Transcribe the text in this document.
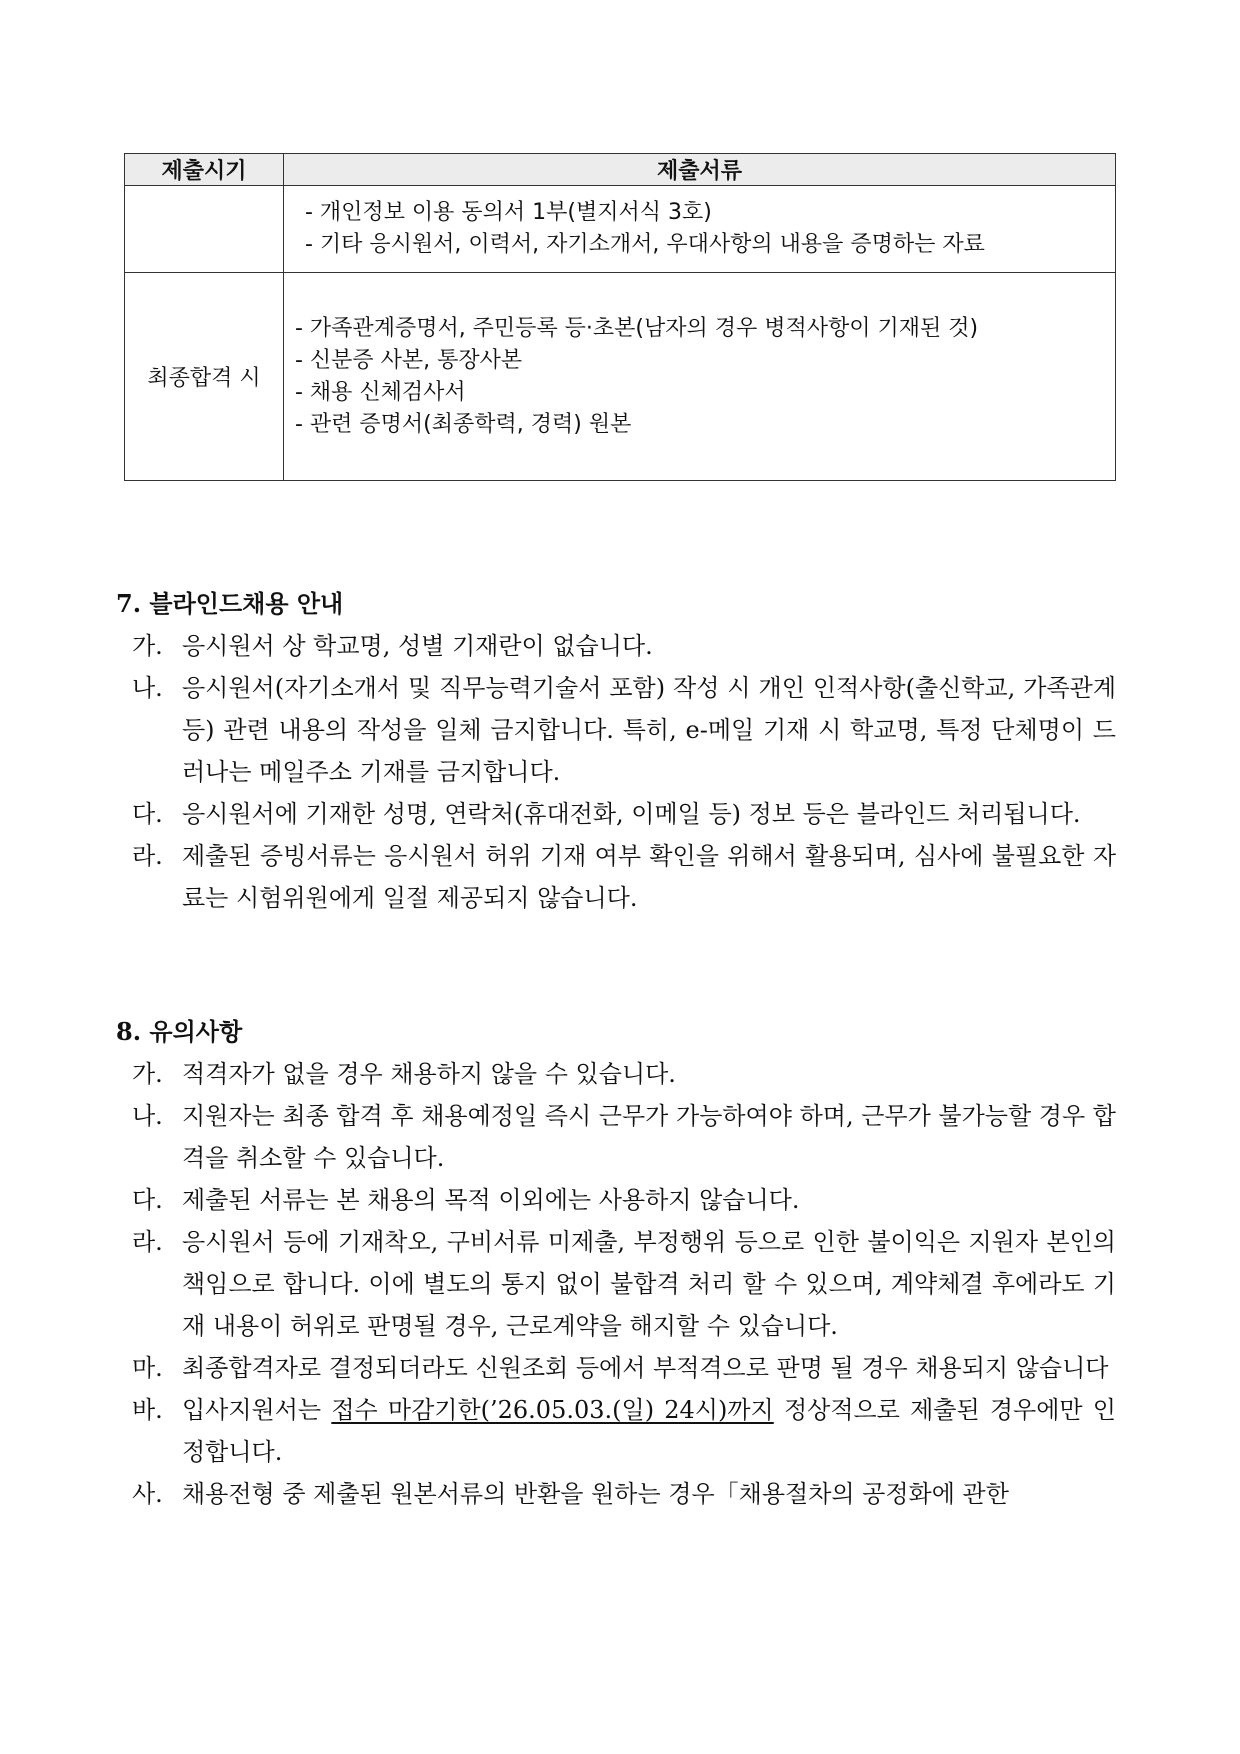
제출시기	제출서류

	- 개인정보 이용 동의서 1부(별지서식 3호)
- 기타 응시원서, 이력서, 자기소개서, 우대사항의 내용을 증명하는 자료

최종합격 시	- 가족관계증명서, 주민등록 등·초본(남자의 경우 병적사항이 기재된 것)
- 신분증 사본, 통장사본
- 채용 신체검사서
- 관련 증명서(최종학력, 경력) 원본
7. 블라인드채용 안내
가. 응시원서 상 학교명, 성별 기재란이 없습니다.
나. 응시원서(자기소개서 및 직무능력기술서 포함) 작성 시 개인 인적사항(출신학교, 가족관계 등) 관련 내용의 작성을 일체 금지합니다. 특히, e-메일 기재 시 학교명, 특정 단체명이 드러나는 메일주소 기재를 금지합니다.
다. 응시원서에 기재한 성명, 연락처(휴대전화, 이메일 등) 정보 등은 블라인드 처리됩니다.
라. 제출된 증빙서류는 응시원서 허위 기재 여부 확인을 위해서 활용되며, 심사에 불필요한 자료는 시험위원에게 일절 제공되지 않습니다.
8. 유의사항
가. 적격자가 없을 경우 채용하지 않을 수 있습니다.
나. 지원자는 최종 합격 후 채용예정일 즉시 근무가 가능하여야 하며, 근무가 불가능할 경우 합격을 취소할 수 있습니다.
다. 제출된 서류는 본 채용의 목적 이외에는 사용하지 않습니다.
라. 응시원서 등에 기재착오, 구비서류 미제출, 부정행위 등으로 인한 불이익은 지원자 본인의 책임으로 합니다. 이에 별도의 통지 없이 불합격 처리 할 수 있으며, 계약체결 후에라도 기재 내용이 허위로 판명될 경우, 근로계약을 해지할 수 있습니다.
마. 최종합격자로 결정되더라도 신원조회 등에서 부적격으로 판명 될 경우 채용되지 않습니다
바. 입사지원서는 접수 마감기한(’26.05.03.(일) 24시)까지 정상적으로 제출된 경우에만 인정합니다.
사. 채용전형 중 제출된 원본서류의 반환을 원하는 경우「채용절차의 공정화에 관한
